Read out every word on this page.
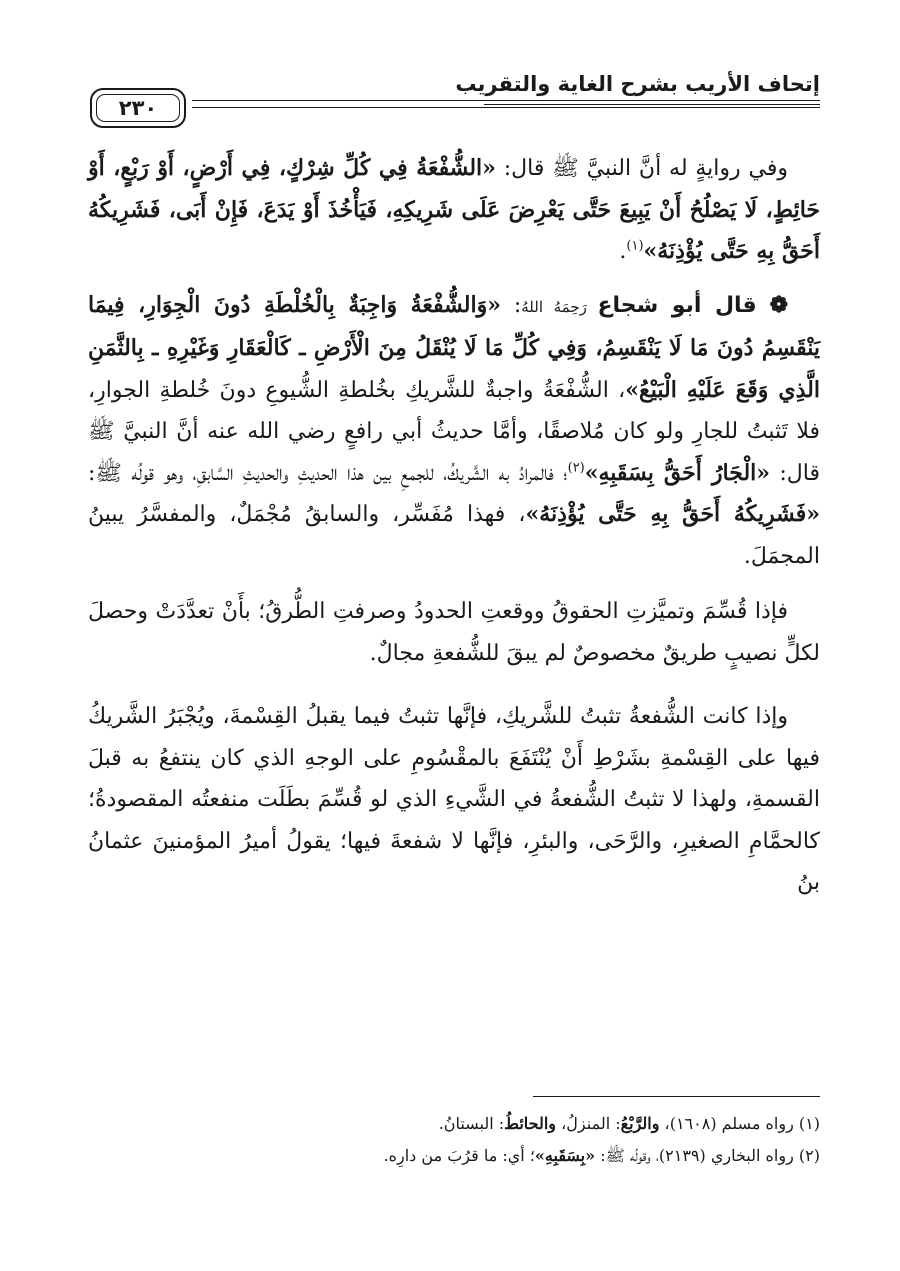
إتحاف الأريب بشرح الغاية والتقريب
٢٣٠

وفي روايةٍ له أنَّ النبيَّ ﷺ قال: «الشُّفْعَةُ فِي كُلِّ شِرْكٍ، فِي أَرْضٍ، أَوْ رَبْعٍ، أَوْ حَائِطٍ، لَا يَصْلُحُ أَنْ يَبِيعَ حَتَّى يَعْرِضَ عَلَى شَرِيكِهِ، فَيَأْخُذَ أَوْ يَدَعَ، فَإِنْ أَبَى، فَشَرِيكُهُ أَحَقُّ بِهِ حَتَّى يُؤْذِنَهُ»$^{(١)}$.

❁ قال أبو شجاع رَحِمَهُ اللهُ: «وَالشُّفْعَةُ وَاجِبَةٌ بِالْخُلْطَةِ دُونَ الْجِوَارِ، فِيمَا يَنْقَسِمُ دُونَ مَا لَا يَنْقَسِمُ، وَفِي كُلِّ مَا لَا يُنْقَلُ مِنَ الْأَرْضِ ـ كَالْعَقَارِ وَغَيْرِهِ ـ بِالثَّمَنِ الَّذِي وَقَعَ عَلَيْهِ الْبَيْعُ»، الشُّفْعَةُ واجبةٌ للشَّريكِ بخُلطةِ الشُّيوعِ دونَ خُلطةِ الجوارِ، فلا تَثبتُ للجارِ ولو كان مُلاصقًا، وأمَّا حديثُ أبي رافعٍ رضي الله عنه أنَّ النبيَّ ﷺ قال: «الْجَارُ أَحَقُّ بِسَقَبِهِ»$^{(٢)}$؛ فالمرادُ به الشَّريكُ، للجمعِ بين هذا الحديثِ والحديثِ السَّابقِ، وهو قولُه ﷺ: «فَشَرِيكُهُ أَحَقُّ بِهِ حَتَّى يُؤْذِنَهُ»، فهذا مُفَسِّر، والسابقُ مُجْمَلٌ، والمفسَّرُ يبينُ المجمَلَ.

فإذا قُسِّمَ وتميَّزتِ الحقوقُ ووقعتِ الحدودُ وصرفتِ الطُّرقُ؛ بأَنْ تعدَّدَتْ وحصلَ لكلٍّ نصيبٍ طريقٌ مخصوصٌ لم يبقَ للشُّفعةِ مجالٌ.

وإذا كانت الشُّفعةُ تثبتُ للشَّريكِ، فإنَّها تثبتُ فيما يقبلُ القِسْمةَ، ويُجْبَرُ الشَّريكُ فيها على القِسْمةِ بشَرْطِ أَنْ يُنْتَفَعَ بالمقْسُومِ على الوجهِ الذي كان ينتفعُ به قبلَ القسمةِ، ولهذا لا تثبتُ الشُّفعةُ في الشَّيءِ الذي لو قُسِّمَ بطَلَت منفعتُه المقصودةُ؛ كالحمَّامِ الصغيرِ، والرَّحَى، والبئرِ، فإنَّها لا شفعةَ فيها؛ يقولُ أميرُ المؤمنينَ عثمانُ بنُ

(١) رواه مسلم (١٦٠٨)، والرَّبْعُ: المنزلُ، والحائطُ: البستانُ.

(٢) رواه البخاري (٢١٣٩)، وقولُه ﷺ: «بِسَقَبِهِ»؛ أي: ما قرُبَ من دارِه.
